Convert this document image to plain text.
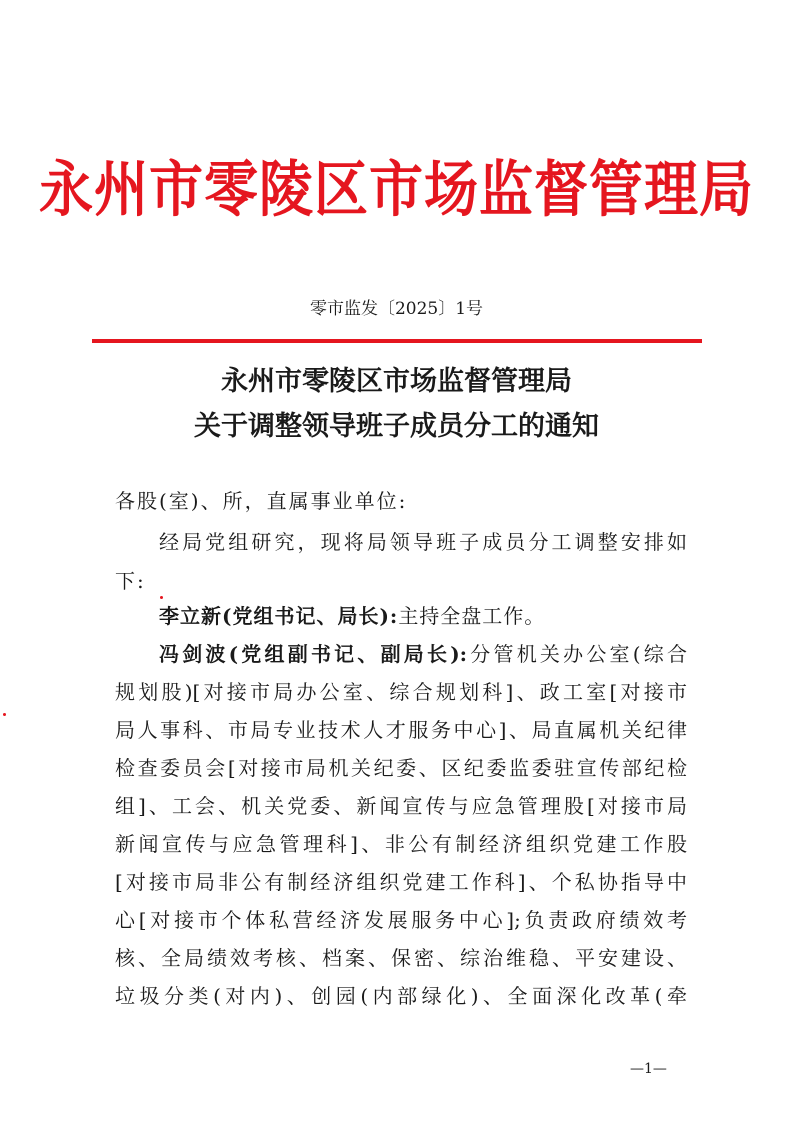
永州市零陵区市场监督管理局
零市监发〔2025〕1号
永州市零陵区市场监督管理局
关于调整领导班子成员分工的通知
各股(室)、所，直属事业单位:
经局党组研究，现将局领导班子成员分工调整安排如
下:
李立新(党组书记、局长):主持全盘工作。
冯剑波(党组副书记、副局长):分管机关办公室(综合
规划股)[对接市局办公室、综合规划科]、政工室[对接市
局人事科、市局专业技术人才服务中心]、局直属机关纪律
检查委员会[对接市局机关纪委、区纪委监委驻宣传部纪检
组]、工会、机关党委、新闻宣传与应急管理股[对接市局
新闻宣传与应急管理科]、非公有制经济组织党建工作股
[对接市局非公有制经济组织党建工作科]、个私协指导中
心[对接市个体私营经济发展服务中心];负责政府绩效考
核、全局绩效考核、档案、保密、综治维稳、平安建设、
垃圾分类(对内)、创园(内部绿化)、全面深化改革(牵
—1—
